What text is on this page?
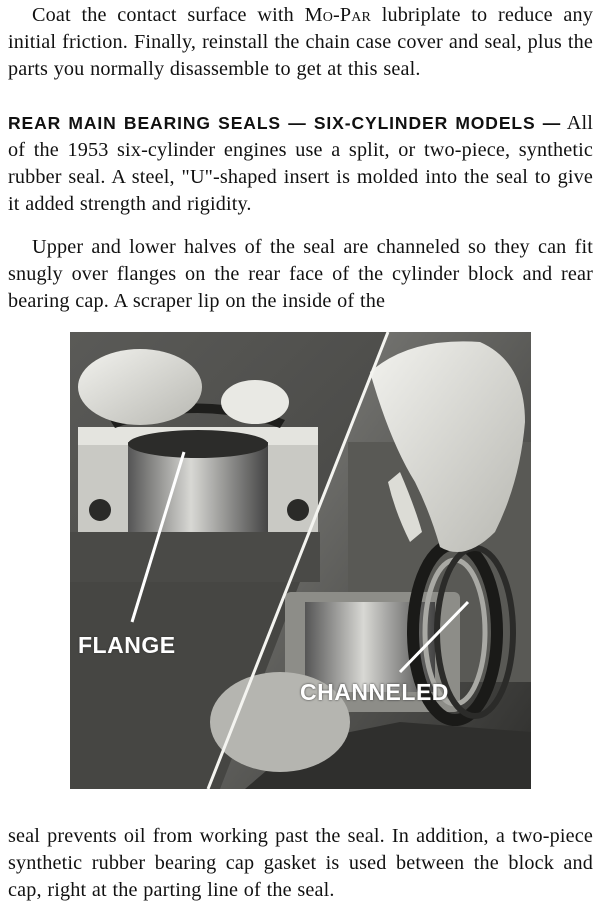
Coat the contact surface with Mo-Par lubriplate to reduce any initial friction. Finally, reinstall the chain case cover and seal, plus the parts you normally disassemble to get at this seal.

REAR MAIN BEARING SEALS — SIX-CYLINDER MODELS — All of the 1953 six-cylinder engines use a split, or two-piece, synthetic rubber seal. A steel, "U"-shaped insert is molded into the seal to give it added strength and rigidity.

Upper and lower halves of the seal are channeled so they can fit snugly over flanges on the rear face of the cylinder block and rear bearing cap. A scraper lip on the inside of the

FLANGE
CHANNELED

seal prevents oil from working past the seal. In addition, a two-piece synthetic rubber bearing cap gasket is used between the block and cap, right at the parting line of the seal.
